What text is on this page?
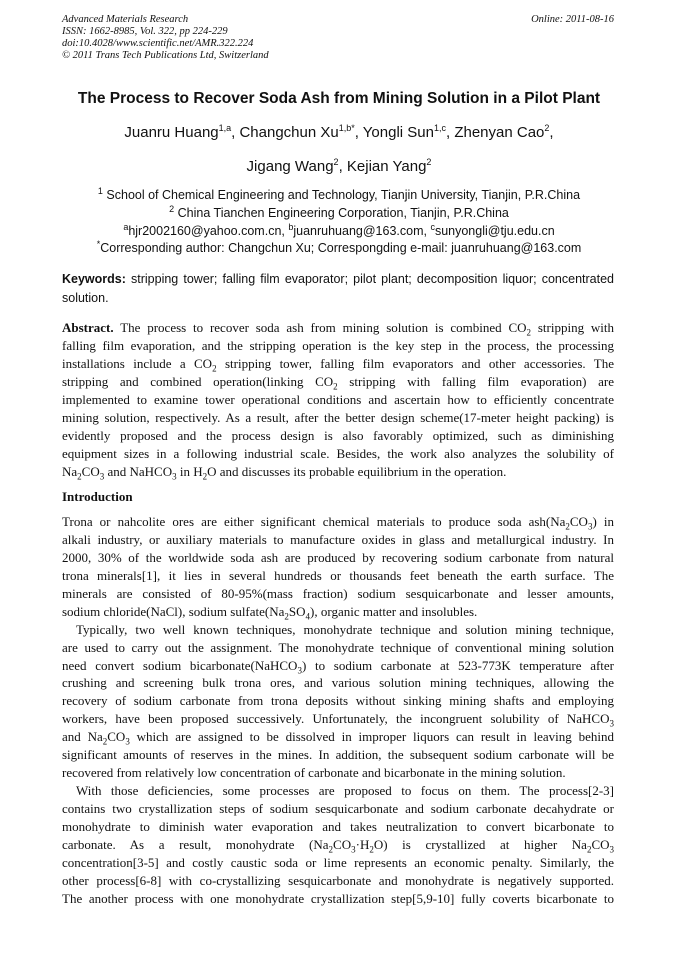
Advanced Materials Research
ISSN: 1662-8985, Vol. 322, pp 224-229
doi:10.4028/www.scientific.net/AMR.322.224
© 2011 Trans Tech Publications Ltd, Switzerland
Online: 2011-08-16
The Process to Recover Soda Ash from Mining Solution in a Pilot Plant
Juanru Huang$^{1,a}$, Changchun $Xu^{1,b*}$, Yongli Sun$^{1,c}$, Zhenyan Cao$^2$,
Jigang Wang$^2$, Kejian Yang$^2$
$^1$ School of Chemical Engineering and Technology, Tianjin University, Tianjin, P.R.China
$^2$ China Tianchen Engineering Corporation, Tianjin, P.R.China
$^a$hjr2002160@yahoo.com.cn, $^b$juanruhuang@163.com, $^c$sunyongli@tju.edu.cn
*Corresponding author: Changchun Xu; Correspongding e-mail: juanruhuang@163.com
Keywords: stripping tower; falling film evaporator; pilot plant; decomposition liquor; concentrated solution.
Abstract. The process to recover soda ash from mining solution is combined $CO_2$ stripping with
falling film evaporation, and the stripping operation is the key step in the process, the processing
installations include a $CO_2$ stripping tower, falling film evaporators and other accessories. The
stripping and combined operation(linking $CO_2$ stripping with falling film evaporation) are
implemented to examine tower operational conditions and ascertain how to efficiently concentrate
mining solution, respectively. As a result, after the better design scheme(17-meter height packing) is
evidently proposed and the process design is also favorably optimized, such as diminishing
equipment sizes in a following industrial scale. Besides, the work also analyzes the solubility of
$Na_2CO_3$ and NaHCO$_3$ in $H_2O$ and discusses its probable equilibrium in the operation.
Introduction
Trona or nahcolite ores are either significant chemical materials to produce soda $ash(Na_2CO_3)$ in
alkali industry, or auxiliary materials to manufacture oxides in glass and metallurgical industry. In
2000, 30% of the worldwide soda ash are produced by recovering sodium carbonate from natural
trona minerals[1], it lies in several hundreds or thousands feet beneath the earth surface. The
minerals are consisted of 80-95%(mass fraction) sodium sesquicarbonate and lesser amounts,
sodium chloride(NaCl), sodium $sulfate(Na_2SO_4)$, organic matter and insolubles.
Typically, two well known techniques, monohydrate technique and solution mining technique,
are used to carry out the assignment. The monohydrate technique of conventional mining solution
need convert sodium bicarbonate(NaHCO$_3$) to sodium carbonate at 523-773K temperature after
crushing and screening bulk trona ores, and various solution mining techniques, allowing the
recovery of sodium carbonate from trona deposits without sinking mining shafts and employing
workers, have been proposed successively. Unfortunately, the incongruent solubility of NaHCO$_3$
and $Na_2CO_3$ which are assigned to be dissolved in improper liquors can result in leaving behind
significant amounts of reserves in the mines. In addition, the subsequent sodium carbonate will be
recovered from relatively low concentration of carbonate and bicarbonate in the mining solution.
With those deficiencies, some processes are proposed to focus on them. The process[2-3]
contains two crystallization steps of sodium sesquicarbonate and sodium carbonate decahydrate or
monohydrate to diminish water evaporation and takes neutralization to convert bicarbonate to
carbonate. As a result, monohydrate $(Na_2CO_3\cdot H_2O)$ is crystallized at higher $Na_2CO_3$
concentration[3-5] and costly caustic soda or lime represents an economic penalty. Similarly, the
other process[6-8] with co-crystallizing sesquicarbonate and monohydrate is negatively supported.
The another process with one monohydrate crystallization step[5,9-10] fully coverts bicarbonate to
